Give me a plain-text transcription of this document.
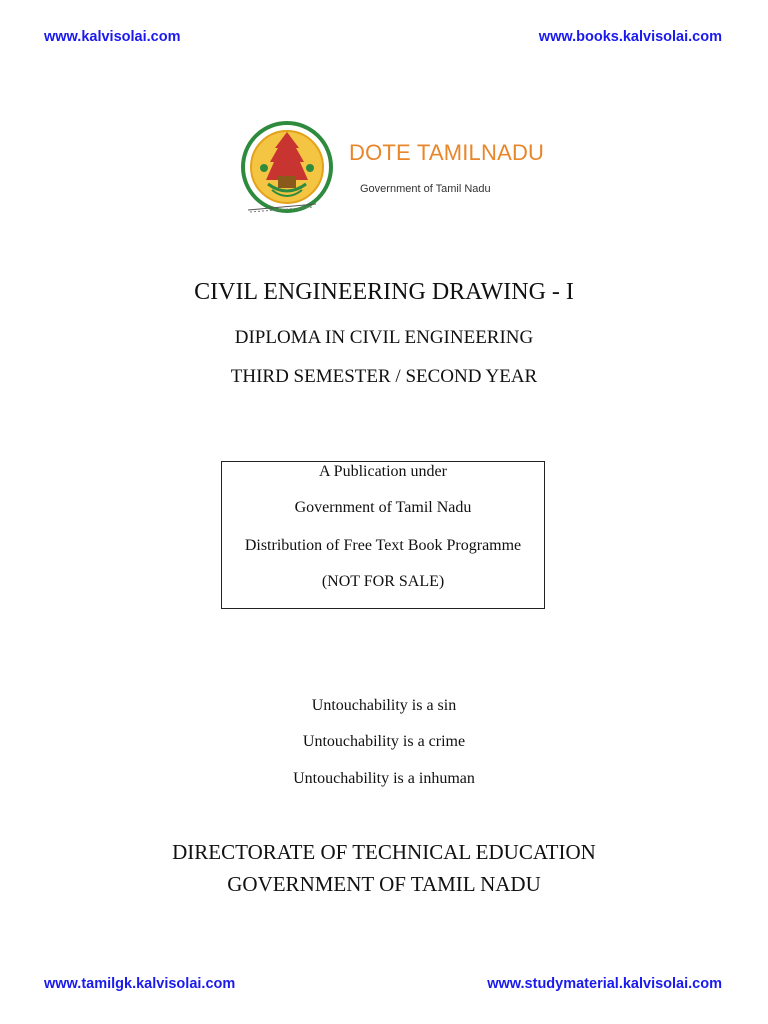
www.kalvisolai.com	www.books.kalvisolai.com
DOTE TAMILNADU
Government of Tamil Nadu
CIVIL ENGINEERING DRAWING - I
DIPLOMA IN CIVIL ENGINEERING
THIRD SEMESTER / SECOND YEAR
A Publication under
Government of Tamil Nadu
Distribution of Free Text Book Programme
(NOT FOR SALE)
Untouchability is a sin
Untouchability is a crime
Untouchability is a inhuman
DIRECTORATE OF TECHNICAL EDUCATION
GOVERNMENT OF TAMIL NADU
www.tamilgk.kalvisolai.com	www.studymaterial.kalvisolai.com
